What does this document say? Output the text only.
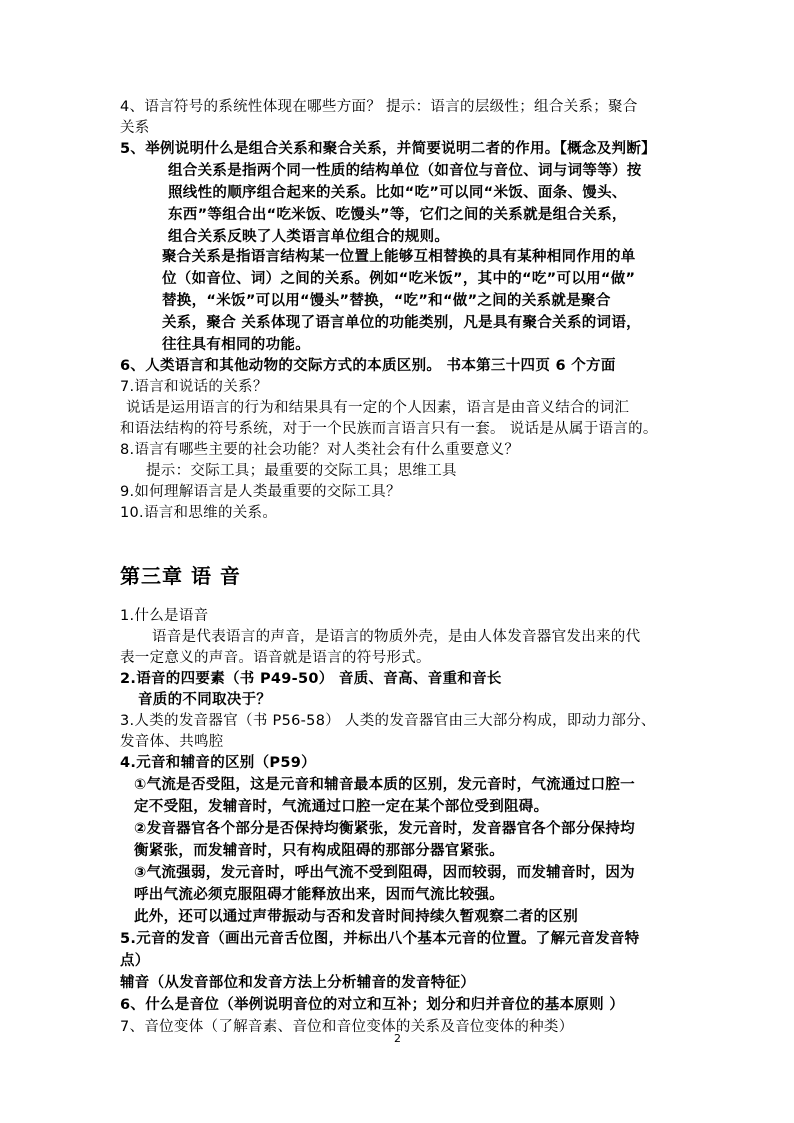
4、语言符号的系统性体现在哪些方面？ 提示：语言的层级性；组合关系；聚合
关系
5、举例说明什么是组合关系和聚合关系，并简要说明二者的作用。【概念及判断】
组合关系是指两个同一性质的结构单位（如音位与音位、词与词等等）按
照线性的顺序组合起来的关系。比如“吃”可以同“米饭、面条、馒头、
东西”等组合出“吃米饭、吃馒头”等，它们之间的关系就是组合关系，
组合关系反映了人类语言单位组合的规则。
聚合关系是指语言结构某一位置上能够互相替换的具有某种相同作用的单
位（如音位、词）之间的关系。例如“吃米饭”，其中的“吃”可以用“做”
替换，“米饭”可以用“馒头”替换，“吃”和“做”之间的关系就是聚合
关系，聚合 关系体现了语言单位的功能类别，凡是具有聚合关系的词语，
往往具有相同的功能。
6、人类语言和其他动物的交际方式的本质区别。 书本第三十四页 6 个方面
7.语言和说话的关系？
说话是运用语言的行为和结果具有一定的个人因素，语言是由音义结合的词汇
和语法结构的符号系统，对于一个民族而言语言只有一套。 说话是从属于语言的。
8.语言有哪些主要的社会功能？对人类社会有什么重要意义？
提示：交际工具；最重要的交际工具；思维工具
9.如何理解语言是人类最重要的交际工具？
10.语言和思维的关系。
第三章 语 音
1.什么是语音
语音是代表语言的声音，是语言的物质外壳，是由人体发音器官发出来的代
表一定意义的声音。语音就是语言的符号形式。
2.语音的四要素（书 P49-50） 音质、音高、音重和音长
音质的不同取决于？
3.人类的发音器官（书 P56-58） 人类的发音器官由三大部分构成，即动力部分、
发音体、共鸣腔
4.元音和辅音的区别（P59）
①气流是否受阻，这是元音和辅音最本质的区别，发元音时，气流通过口腔一
定不受阻，发辅音时，气流通过口腔一定在某个部位受到阻碍。
②发音器官各个部分是否保持均衡紧张，发元音时，发音器官各个部分保持均
衡紧张，而发辅音时，只有构成阻碍的那部分器官紧张。
③气流强弱，发元音时，呼出气流不受到阻碍，因而较弱，而发辅音时，因为
呼出气流必须克服阻碍才能释放出来，因而气流比较强。
此外，还可以通过声带振动与否和发音时间持续久暂观察二者的区别
5.元音的发音（画出元音舌位图，并标出八个基本元音的位置。了解元音发音特
点）
辅音（从发音部位和发音方法上分析辅音的发音特征）
6、什么是音位（举例说明音位的对立和互补；划分和归并音位的基本原则 ）
7、音位变体（了解音素、音位和音位变体的关系及音位变体的种类）
2
